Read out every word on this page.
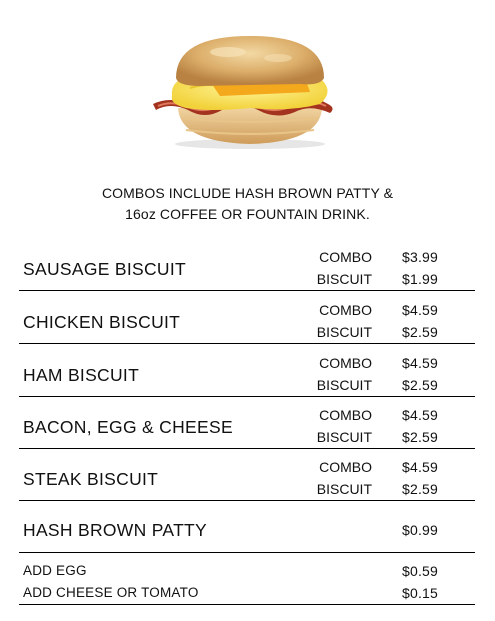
COMBOS INCLUDE HASH BROWN PATTY &
16oz COFFEE OR FOUNTAIN DRINK.
SAUSAGE BISCUIT
COMBO $3.99
BISCUIT $1.99
CHICKEN BISCUIT
COMBO $4.59
BISCUIT $2.59
HAM BISCUIT
COMBO $4.59
BISCUIT $2.59
BACON, EGG & CHEESE
COMBO $4.59
BISCUIT $2.59
STEAK BISCUIT
COMBO $4.59
BISCUIT $2.59
HASH BROWN PATTY	$0.99
ADD EGG	$0.59
ADD CHEESE OR TOMATO	$0.15
